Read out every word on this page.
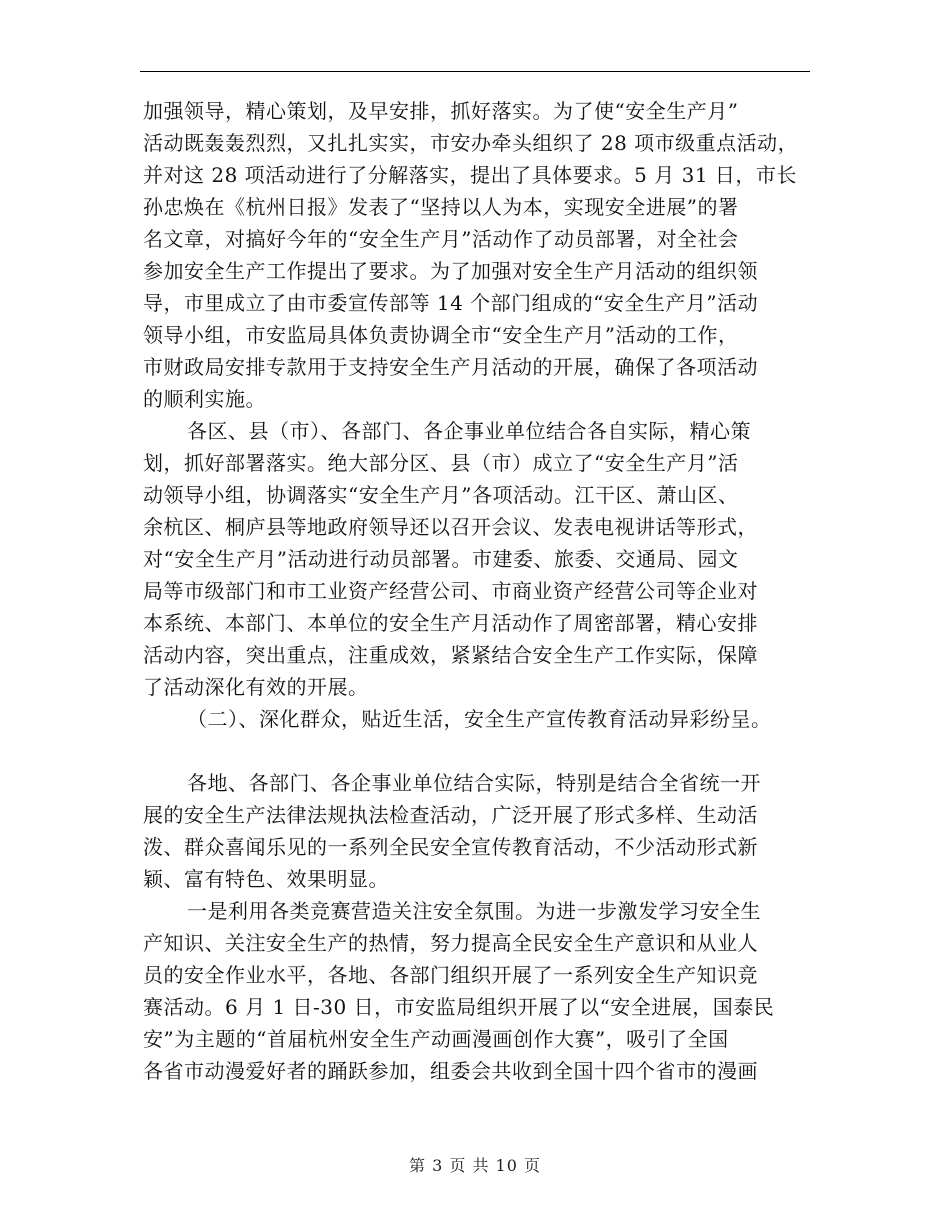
加强领导，精心策划，及早安排，抓好落实。为了使“安全生产月”
活动既轰轰烈烈，又扎扎实实，市安办牵头组织了 28 项市级重点活动，
并对这 28 项活动进行了分解落实，提出了具体要求。5 月 31 日，市长
孙忠焕在《杭州日报》发表了“坚持以人为本，实现安全进展”的署
名文章，对搞好今年的“安全生产月”活动作了动员部署，对全社会
参加安全生产工作提出了要求。为了加强对安全生产月活动的组织领
导，市里成立了由市委宣传部等 14 个部门组成的“安全生产月”活动
领导小组，市安监局具体负责协调全市“安全生产月”活动的工作，
市财政局安排专款用于支持安全生产月活动的开展，确保了各项活动
的顺利实施。
各区、县（市）、各部门、各企事业单位结合各自实际，精心策
划，抓好部署落实。绝大部分区、县（市）成立了“安全生产月”活
动领导小组，协调落实“安全生产月”各项活动。江干区、萧山区、
余杭区、桐庐县等地政府领导还以召开会议、发表电视讲话等形式，
对“安全生产月”活动进行动员部署。市建委、旅委、交通局、园文
局等市级部门和市工业资产经营公司、市商业资产经营公司等企业对
本系统、本部门、本单位的安全生产月活动作了周密部署，精心安排
活动内容，突出重点，注重成效，紧紧结合安全生产工作实际，保障
了活动深化有效的开展。
（二）、深化群众，贴近生活，安全生产宣传教育活动异彩纷呈。
各地、各部门、各企事业单位结合实际，特别是结合全省统一开
展的安全生产法律法规执法检查活动，广泛开展了形式多样、生动活
泼、群众喜闻乐见的一系列全民安全宣传教育活动，不少活动形式新
颖、富有特色、效果明显。
一是利用各类竞赛营造关注安全氛围。为进一步激发学习安全生
产知识、关注安全生产的热情，努力提高全民安全生产意识和从业人
员的安全作业水平，各地、各部门组织开展了一系列安全生产知识竞
赛活动。6 月 1 日-30 日，市安监局组织开展了以“安全进展，国泰民
安”为主题的“首届杭州安全生产动画漫画创作大赛”，吸引了全国
各省市动漫爱好者的踊跃参加，组委会共收到全国十四个省市的漫画
第 3 页 共 10 页
